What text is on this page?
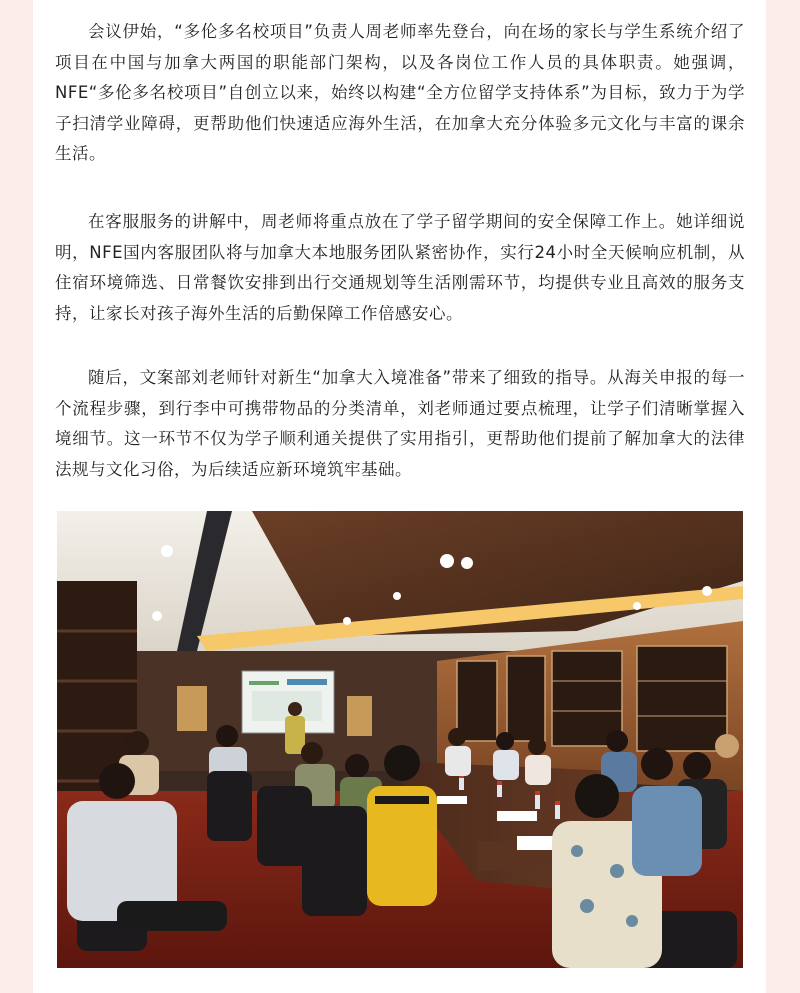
会议伊始，“多伦多名校项目”负责人周老师率先登台，向在场的家长与学生系统介绍了项目在中国与加拿大两国的职能部门架构，以及各岗位工作人员的具体职责。她强调，NFE“多伦多名校项目”自创立以来，始终以构建“全方位留学支持体系”为目标，致力于为学子扫清学业障碍，更帮助他们快速适应海外生活，在加拿大充分体验多元文化与丰富的课余生活。

在客服服务的讲解中，周老师将重点放在了学子留学期间的安全保障工作上。她详细说明，NFE国内客服团队将与加拿大本地服务团队紧密协作，实行24小时全天候响应机制，从住宿环境筛选、日常餐饮安排到出行交通规划等生活刚需环节，均提供专业且高效的服务支持，让家长对孩子海外生活的后勤保障工作倍感安心。

随后，文案部刘老师针对新生“加拿大入境准备”带来了细致的指导。从海关申报的每一个流程步骤，到行李中可携带物品的分类清单，刘老师通过要点梳理，让学子们清晰掌握入境细节。这一环节不仅为学子顺利通关提供了实用指引，更帮助他们提前了解加拿大的法律法规与文化习俗，为后续适应新环境筑牢基础。
